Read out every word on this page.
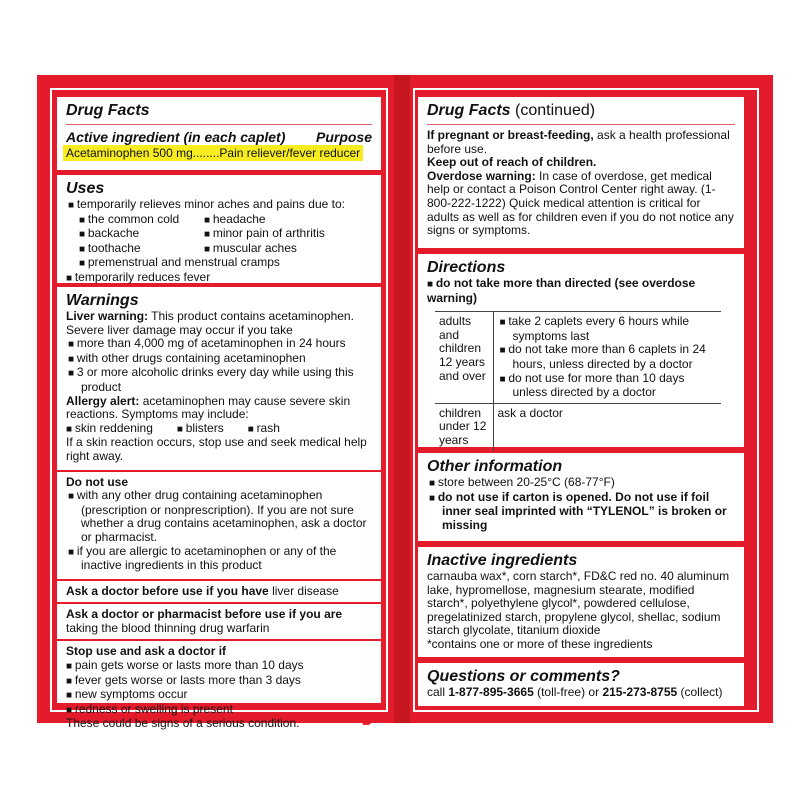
Drug Facts
Active ingredient (in each caplet) Purpose
Acetaminophen 500 mg........Pain reliever/fever reducer
Uses
■ temporarily relieves minor aches and pains due to:
■ the common cold
■ backache
■ toothache
■ headache
■ minor pain of arthritis
■ muscular aches
■ premenstrual and menstrual cramps
■ temporarily reduces fever
Warnings
Liver warning: This product contains acetaminophen. Severe liver damage may occur if you take
■ more than 4,000 mg of acetaminophen in 24 hours
■ with other drugs containing acetaminophen
■ 3 or more alcoholic drinks every day while using this product
Allergy alert: acetaminophen may cause severe skin reactions. Symptoms may include:
■ skin reddening	■ blisters	■ rash
If a skin reaction occurs, stop use and seek medical help right away.
Do not use
■ with any other drug containing acetaminophen (prescription or nonprescription). If you are not sure whether a drug contains acetaminophen, ask a doctor or pharmacist.
■ if you are allergic to acetaminophen or any of the inactive ingredients in this product
Ask a doctor before use if you have liver disease
Ask a doctor or pharmacist before use if you are
taking the blood thinning drug warfarin
Stop use and ask a doctor if
■ pain gets worse or lasts more than 10 days
■ fever gets worse or lasts more than 3 days
■ new symptoms occur
■ redness or swelling is present
These could be signs of a serious condition.	➨
Drug Facts (continued)
If pregnant or breast-feeding, ask a health professional before use.
Keep out of reach of children.
Overdose warning: In case of overdose, get medical help or contact a Poison Control Center right away. (1-800-222-1222) Quick medical attention is critical for adults as well as for children even if you do not notice any signs or symptoms.
Directions
■ do not take more than directed (see overdose warning)
adults and children 12 years and over	■ take 2 caplets every 6 hours while symptoms last
■ do not take more than 6 caplets in 24 hours, unless directed by a doctor
■ do not use for more than 10 days unless directed by a doctor

children under 12 years	ask a doctor
Other information
■ store between 20-25°C (68-77°F)
■ do not use if carton is opened. Do not use if foil inner seal imprinted with “TYLENOL” is broken or missing
Inactive ingredients
carnauba wax*, corn starch*, FD&C red no. 40 aluminum lake, hypromellose, magnesium stearate, modified starch*, polyethylene glycol*, powdered cellulose, pregelatinized starch, propylene glycol, shellac, sodium starch glycolate, titanium dioxide
*contains one or more of these ingredients
Questions or comments?
call 1-877-895-3665 (toll-free) or 215-273-8755 (collect)
